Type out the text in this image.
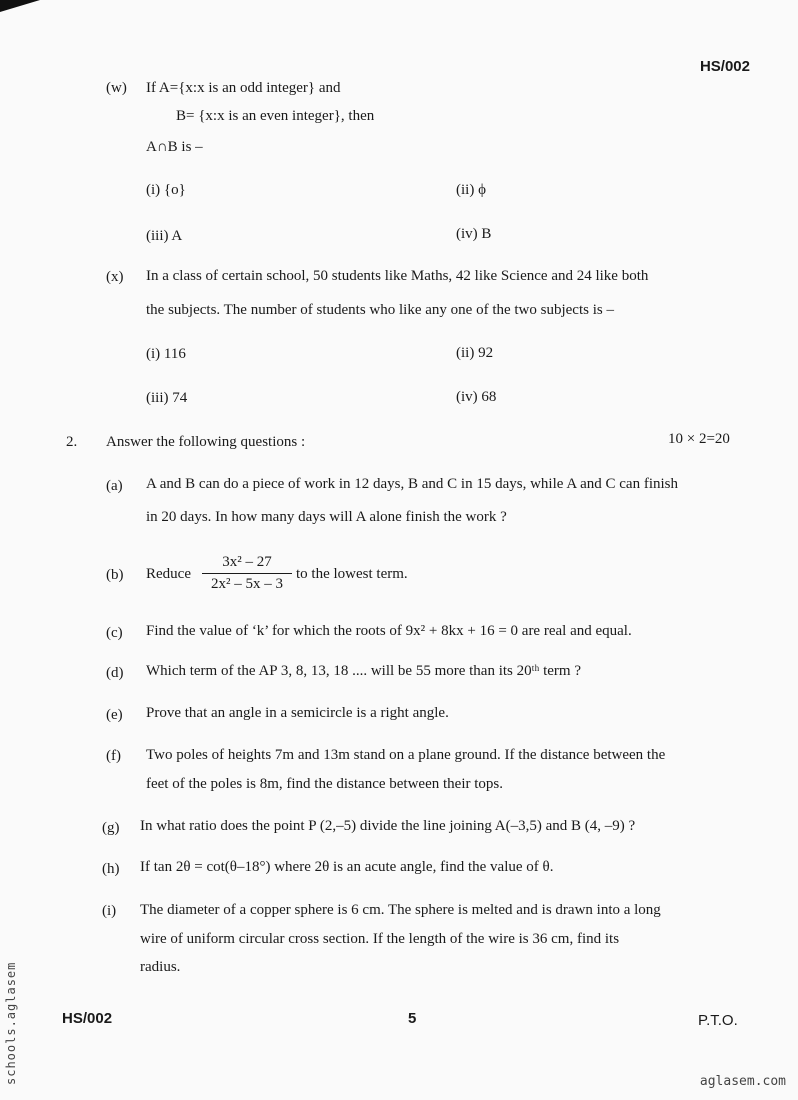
HS/002
(w) If A={x:x is an odd integer} and
B= {x:x is an even integer}, then
A∩B is –
(i) {o}	(ii) ϕ
(iii) A	(iv) B
(x) In a class of certain school, 50 students like Maths, 42 like Science and 24 like both
the subjects. The number of students who like any one of the two subjects is –
(i) 116	(ii) 92
(iii) 74	(iv) 68
2. Answer the following questions :	10 × 2=20
(a) A and B can do a piece of work in 12 days, B and C in 15 days, while A and C can finish
in 20 days. In how many days will A alone finish the work ?
(b) Reduce $\frac{\text{3x² – 27}}{\text{2x² – 5x – 3}}$ to the lowest term.
(c) Find the value of ‘k’ for which the roots of 9x² + 8kx + 16 = 0 are real and equal.
(d) Which term of the AP 3, 8, 13, 18 .... will be 55 more than its 20ᵗʰ term ?
(e) Prove that an angle in a semicircle is a right angle.
(f) Two poles of heights 7m and 13m stand on a plane ground. If the distance between the
feet of the poles is 8m, find the distance between their tops.
(g) In what ratio does the point P (2,–5) divide the line joining A(–3,5) and B (4, –9) ?
(h) If tan 2θ = cot(θ–18°) where 2θ is an acute angle, find the value of θ.
(i) The diameter of a copper sphere is 6 cm. The sphere is melted and is drawn into a long
wire of uniform circular cross section. If the length of the wire is 36 cm, find its
radius.
HS/002	5	P.T.O.
schools.aglasem	aglasem.com
